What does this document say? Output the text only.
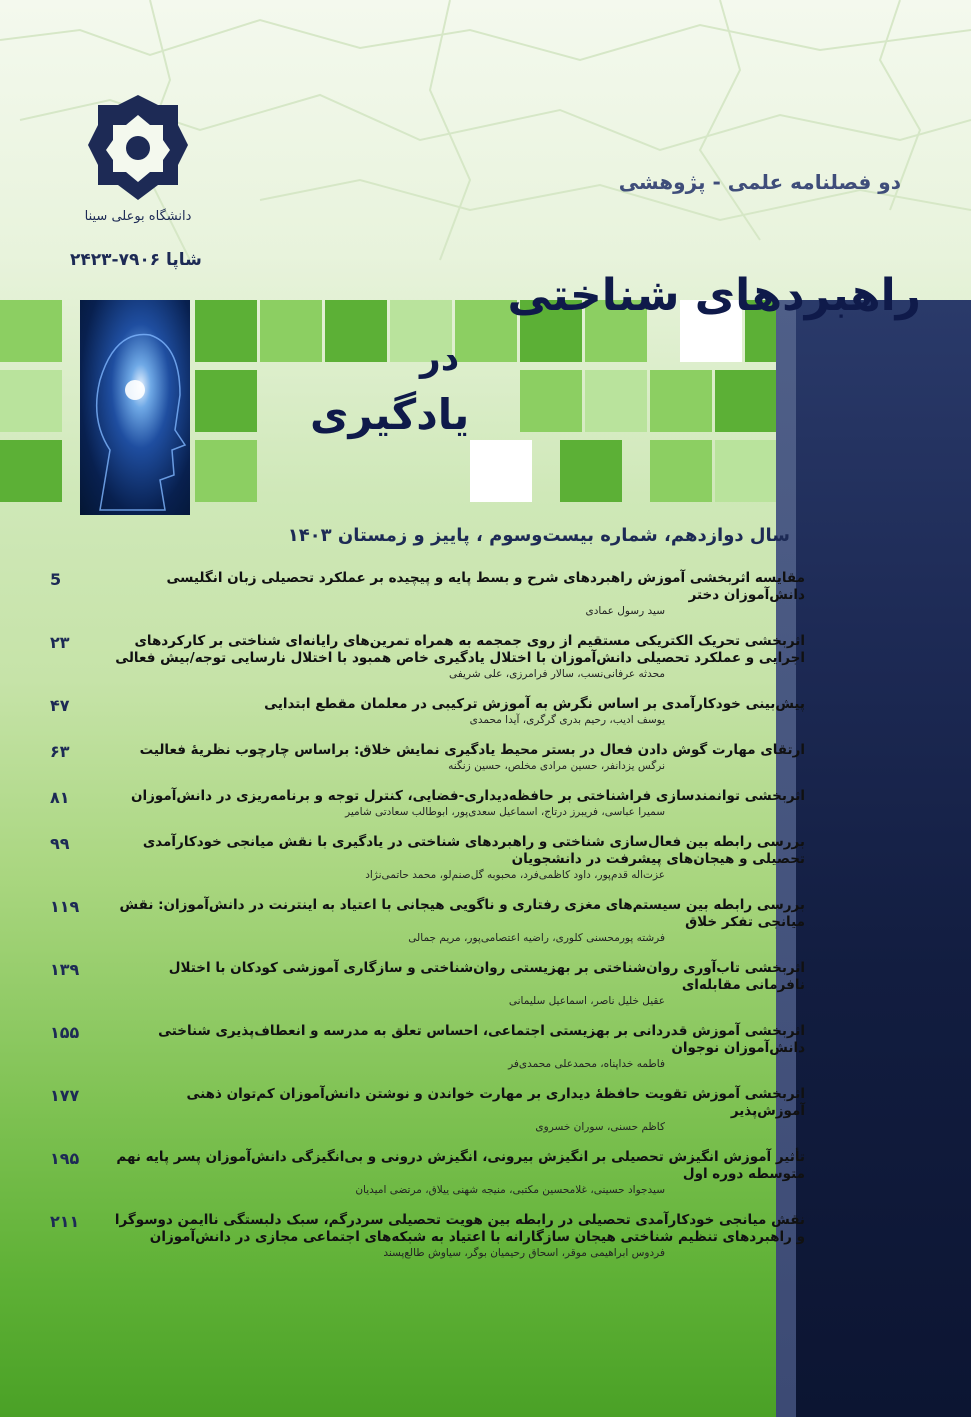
دانشگاه بوعلی سینا
شاپا ۷۹۰۶-۲۴۲۳
دو فصلنامه علمی - پژوهشی
راهبردهای شناختی
در
یادگیری
سال دوازدهم، شماره بیست‌وسوم ، پاییز و زمستان ۱۴۰۳
مقایسه اثربخشی آموزش راهبردهای شرح و بسط پایه و پیچیده بر عملکرد تحصیلی زبان انگلیسی دانش‌آموزان دختر
سید رسول عمادی
5
اثربخشی تحریک الکتریکی مستقیم از روی جمجمه به همراه تمرین‌های رایانه‌ای شناختی بر کارکردهای اجرایی و عملکرد تحصیلی دانش‌آموزان با اختلال یادگیری خاص همبود با اختلال نارسایی توجه/بیش فعالی
محدثه عرفانی‌نسب، سالار فرامرزی، علی شریفی
۲۳
پیش‌بینی خودکارآمدی بر اساس نگرش به آموزش ترکیبی در معلمان مقطع ابتدایی
یوسف ادیب، رحیم بدری گرگری، آیدا محمدی
۴۷
ارتقای مهارت گوش دادن فعال در بستر محیط یادگیری نمایش خلاق: براساس چارچوب نظریهٔ فعالیت
نرگس یزدانفر، حسین مرادی مخلص، حسین زنگنه
۶۳
اثربخشی توانمندسازی فراشناختی بر حافظه‌دیداری-فضایی، کنترل توجه و برنامه‌ریزی در دانش‌آموزان
سمیرا عباسی، فریبرز درتاج، اسماعیل سعدی‌پور، ابوطالب سعادتی شامیر
۸۱
بررسی رابطه بین فعال‌سازی شناختی و راهبردهای شناختی در یادگیری با نقش میانجی خودکارآمدی تحصیلی و هیجان‌های پیشرفت در دانشجویان
عزت‌اله قدم‌پور، داود کاظمی‌فرد، محبوبه گل‌صنم‌لو، محمد حاتمی‌نژاد
۹۹
بررسی رابطه بین سیستم‌های مغزی رفتاری و ناگویی هیجانی با اعتیاد به اینترنت در دانش‌آموزان: نقش میانجی تفکر خلاق
فرشته پورمحسنی کلوری، راضیه اعتصامی‌پور، مریم جمالی
۱۱۹
اثربخشی تاب‌آوری روان‌شناختی بر بهزیستی روان‌شناختی و سازگاری آموزشی کودکان با اختلال نافرمانی مقابله‌ای
عقیل خلیل ناصر، اسماعیل سلیمانی
۱۳۹
اثربخشی آموزش قدردانی بر بهزیستی اجتماعی، احساس تعلق به مدرسه و انعطاف‌پذیری شناختی دانش‌آموزان نوجوان
فاطمه خداپناه، محمدعلی محمدی‌فر
۱۵۵
اثربخشی آموزش تقویت حافظهٔ دیداری بر مهارت خواندن و نوشتن دانش‌آموزان کم‌توان ذهنی آموزش‌پذیر
کاظم حسنی، سوران خسروی
۱۷۷
تأثیر آموزش انگیزش تحصیلی بر انگیزش بیرونی، انگیزش درونی و بی‌انگیزگی دانش‌آموزان پسر پایه نهم متوسطه دوره اول
سیدجواد حسینی، غلامحسین مکتبی، منیجه شهنی ییلاق، مرتضی امیدیان
۱۹۵
نقش میانجی خودکارآمدی تحصیلی در رابطه بین هویت تحصیلی سردرگم، سبک دلبستگی ناایمن دوسوگرا و راهبردهای تنظیم شناختی هیجان سازگارانه با اعتیاد به شبکه‌های اجتماعی مجازی در دانش‌آموزان
فردوس ابراهیمی موقر، اسحاق رحیمیان بوگر، سیاوش طالع‌پسند
۲۱۱
